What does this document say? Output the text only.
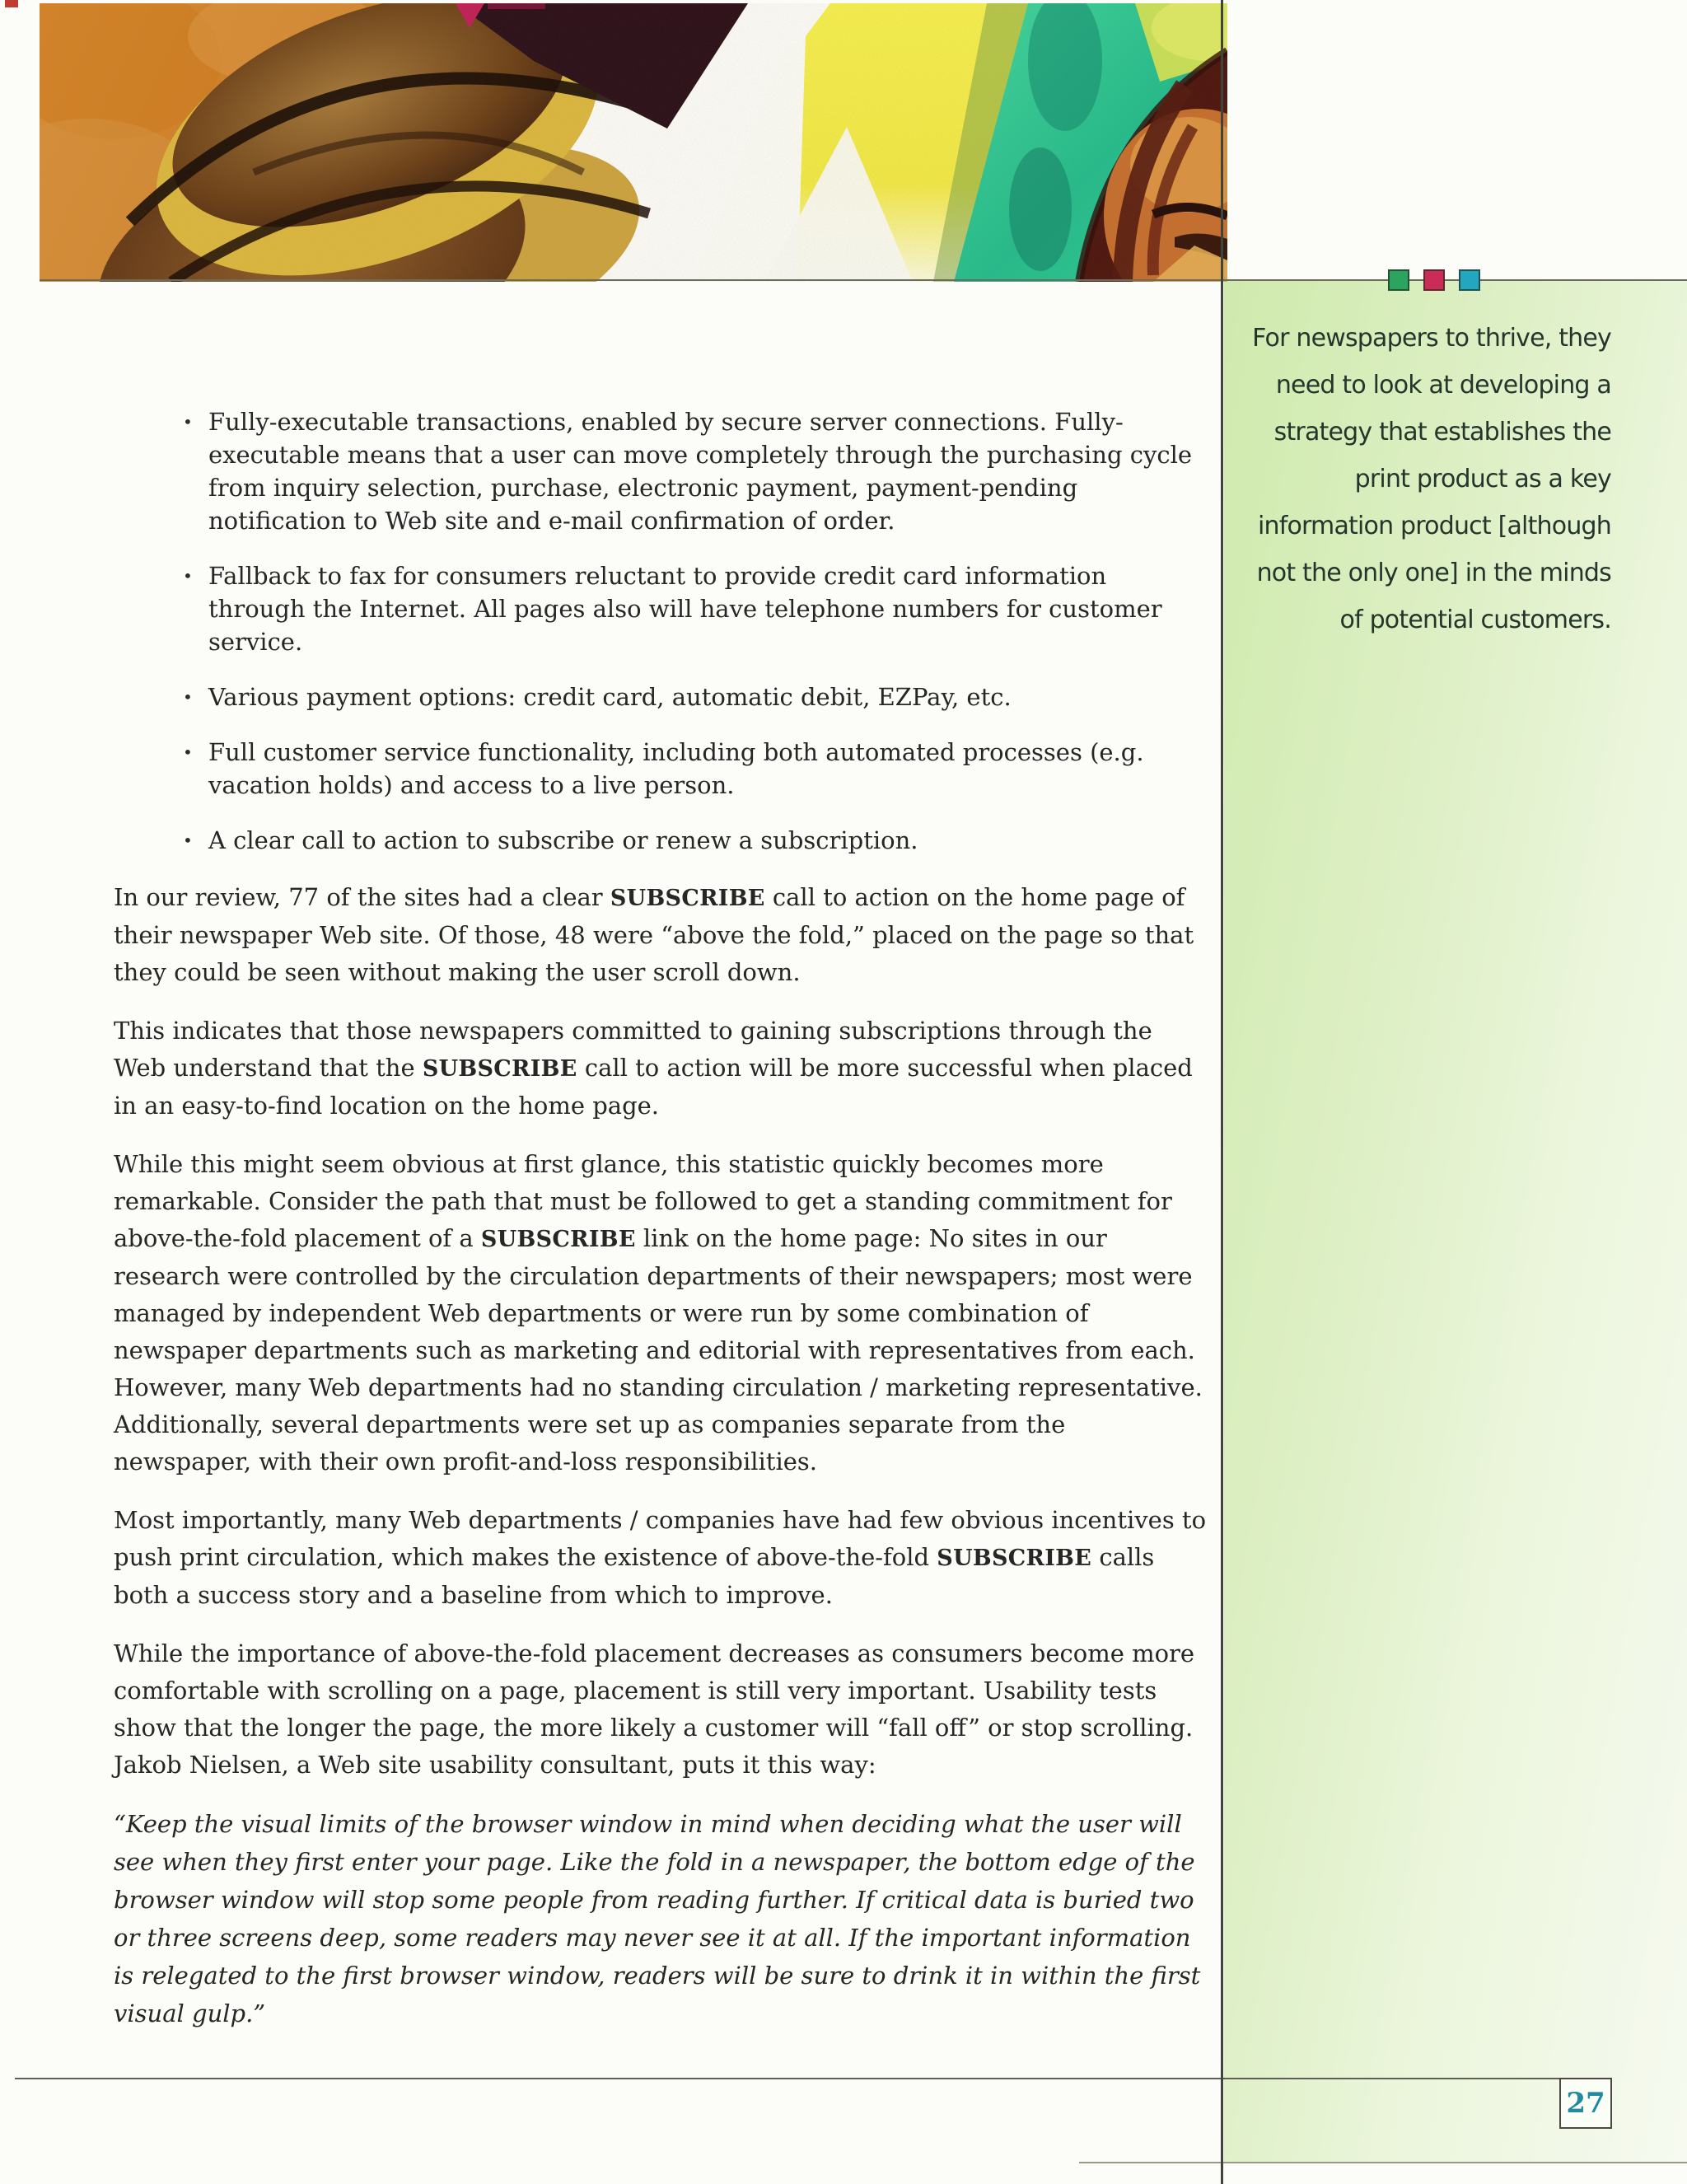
For newspapers to thrive, they
need to look at developing a
strategy that establishes the
print product as a key
information product [although
not the only one] in the minds
of potential customers.
• Fully-executable transactions, enabled by secure server connections. Fully-executable means that a user can move completely through the purchasing cycle from inquiry selection, purchase, electronic payment, payment-pending notification to Web site and e-mail confirmation of order.
• Fallback to fax for consumers reluctant to provide credit card information through the Internet. All pages also will have telephone numbers for customer service.
• Various payment options: credit card, automatic debit, EZPay, etc.
• Full customer service functionality, including both automated processes (e.g. vacation holds) and access to a live person.
• A clear call to action to subscribe or renew a subscription.

In our review, 77 of the sites had a clear SUBSCRIBE call to action on the home page of their newspaper Web site. Of those, 48 were “above the fold,” placed on the page so that they could be seen without making the user scroll down.

This indicates that those newspapers committed to gaining subscriptions through the Web understand that the SUBSCRIBE call to action will be more successful when placed in an easy-to-find location on the home page.

While this might seem obvious at first glance, this statistic quickly becomes more remarkable. Consider the path that must be followed to get a standing commitment for above-the-fold placement of a SUBSCRIBE link on the home page: No sites in our research were controlled by the circulation departments of their newspapers; most were managed by independent Web departments or were run by some combination of newspaper departments such as marketing and editorial with representatives from each. However, many Web departments had no standing circulation / marketing representative. Additionally, several departments were set up as companies separate from the newspaper, with their own profit-and-loss responsibilities.

Most importantly, many Web departments / companies have had few obvious incentives to push print circulation, which makes the existence of above-the-fold SUBSCRIBE calls both a success story and a baseline from which to improve.

While the importance of above-the-fold placement decreases as consumers become more comfortable with scrolling on a page, placement is still very important. Usability tests show that the longer the page, the more likely a customer will “fall off” or stop scrolling. Jakob Nielsen, a Web site usability consultant, puts it this way:

“Keep the visual limits of the browser window in mind when deciding what the user will see when they first enter your page. Like the fold in a newspaper, the bottom edge of the browser window will stop some people from reading further. If critical data is buried two or three screens deep, some readers may never see it at all. If the important information is relegated to the first browser window, readers will be sure to drink it in within the first visual gulp.”

27
